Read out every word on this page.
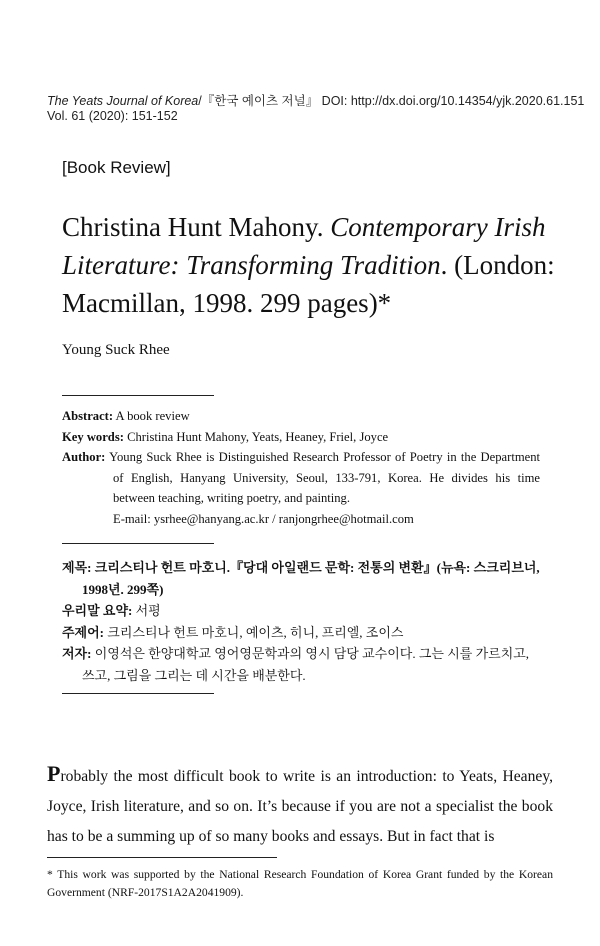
The Yeats Journal of Korea/『한국 예이츠 저널』 DOI: http://dx.doi.org/10.14354/yjk.2020.61.151
Vol. 61 (2020): 151-152
[Book Review]
Christina Hunt Mahony. Contemporary Irish Literature: Transforming Tradition. (London: Macmillan, 1998. 299 pages)*
Young Suck Rhee
Abstract: A book review
Key words: Christina Hunt Mahony, Yeats, Heaney, Friel, Joyce
Author: Young Suck Rhee is Distinguished Research Professor of Poetry in the Department of English, Hanyang University, Seoul, 133-791, Korea. He divides his time between teaching, writing poetry, and painting.
E-mail: ysrhee@hanyang.ac.kr / ranjongrhee@hotmail.com
제목: 크리스티나 헌트 마호니.『당대 아일랜드 문학: 전통의 변환』(뉴욕: 스크리브너, 1998년. 299쪽)
우리말 요약: 서평
주제어: 크리스티나 헌트 마호니, 예이츠, 히니, 프리엘, 조이스
저자: 이영석은 한양대학교 영어영문학과의 영시 담당 교수이다. 그는 시를 가르치고, 쓰고, 그림을 그리는 데 시간을 배분한다.

Probably the most difficult book to write is an introduction: to Yeats, Heaney, Joyce, Irish literature, and so on. It’s because if you are not a specialist the book has to be a summing up of so many books and essays. But in fact that is

* This work was supported by the National Research Foundation of Korea Grant funded by the Korean Government (NRF-2017S1A2A2041909).
